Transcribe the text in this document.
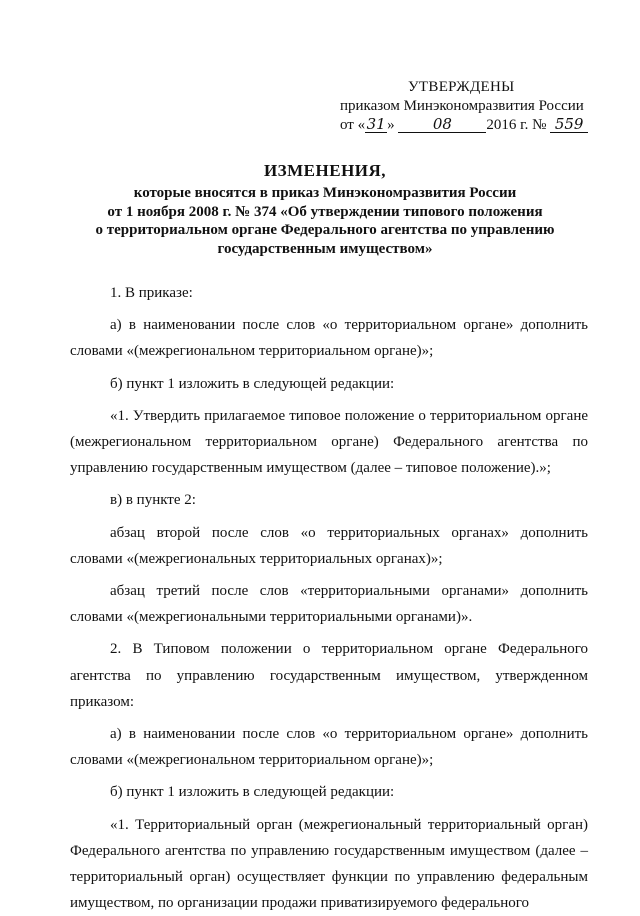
УТВЕРЖДЕНЫ
приказом Минэкономразвития России
от «31»	08 2016 г. № 559
ИЗМЕНЕНИЯ,
которые вносятся в приказ Минэкономразвития России
от 1 ноября 2008 г. № 374 «Об утверждении типового положения
о территориальном органе Федерального агентства по управлению
государственным имуществом»

1. В приказе:

а) в наименовании после слов «о территориальном органе» дополнить словами «(межрегиональном территориальном органе)»;

б) пункт 1 изложить в следующей редакции:

«1. Утвердить прилагаемое типовое положение о территориальном органе (межрегиональном территориальном органе) Федерального агентства по управлению государственным имуществом (далее – типовое положение).»;

в) в пункте 2:

абзац второй после слов «о территориальных органах» дополнить словами «(межрегиональных территориальных органах)»;

абзац третий после слов «территориальными органами» дополнить словами «(межрегиональными территориальными органами)».

2. В Типовом положении о территориальном органе Федерального агентства по управлению государственным имуществом, утвержденном приказом:

а) в наименовании после слов «о территориальном органе» дополнить словами «(межрегиональном территориальном органе)»;

б) пункт 1 изложить в следующей редакции:

«1. Территориальный орган (межрегиональный территориальный орган) Федерального агентства по управлению государственным имуществом (далее – территориальный орган) осуществляет функции по управлению федеральным имуществом, по организации продажи приватизируемого федерального
